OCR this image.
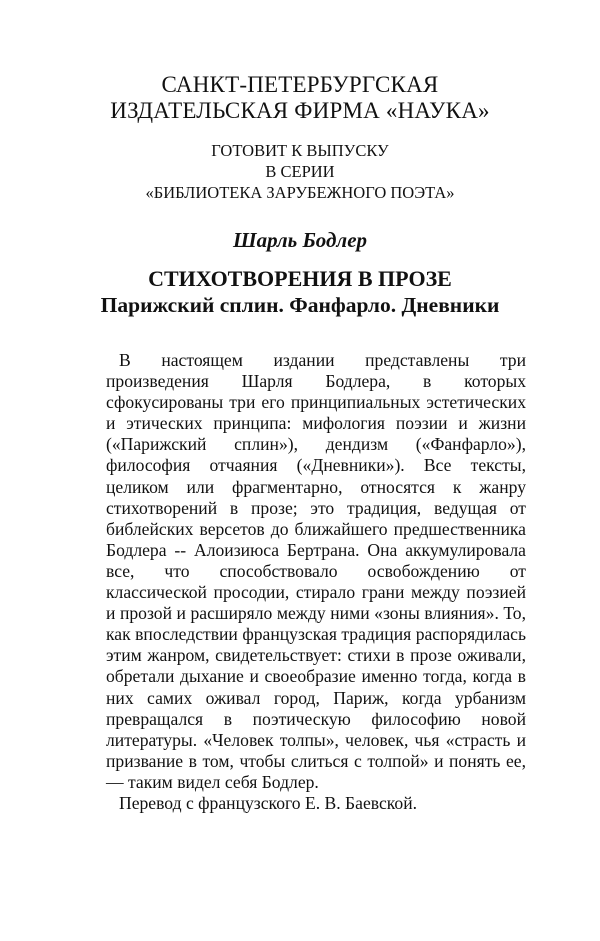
САНКТ-ПЕТЕРБУРГСКАЯ
ИЗДАТЕЛЬСКАЯ ФИРМА «НАУКА»
ГОТОВИТ К ВЫПУСКУ
В СЕРИИ
«БИБЛИОТЕКА ЗАРУБЕЖНОГО ПОЭТА»
Шарль Бодлер
СТИХОТВОРЕНИЯ В ПРОЗЕ
Парижский сплин. Фанфарло. Дневники

В настоящем издании представлены три произведения Шарля Бодлера, в которых сфокусированы три его принципиальных эстетических и этических принципа: мифология поэзии и жизни («Парижский сплин»), дендизм («Фанфарло»), философия отчаяния («Дневники»). Все тексты, целиком или фрагментарно, относятся к жанру стихотворений в прозе; это традиция, ведущая от библейских версетов до ближайшего предшественника Бодлера -- Алоизиюса Бертрана. Она аккумулировала все, что способствовало освобождению от классической просодии, стирало грани между поэзией и прозой и расширяло между ними «зоны влияния». То, как впоследствии французская традиция распорядилась этим жанром, свидетельствует: стихи в прозе оживали, обретали дыхание и своеобразие именно тогда, когда в них самих оживал город, Париж, когда урбанизм превращался в поэтическую философию новой литературы. «Человек толпы», человек, чья «страсть и призвание в том, чтобы слиться с толпой» и понять ее, — таким видел себя Бодлер.

Перевод с французского Е. В. Баевской.
